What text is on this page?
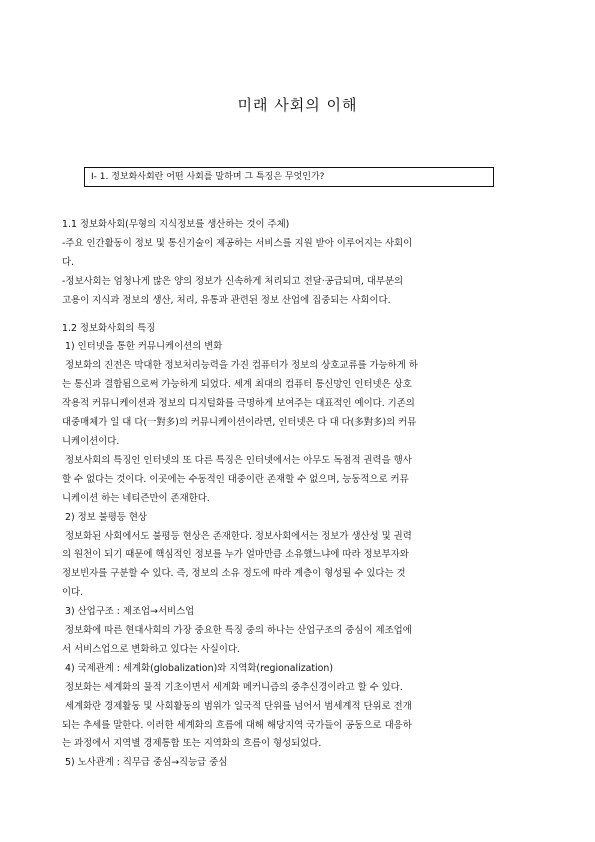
미래 사회의 이해
Ⅰ- 1. 정보화사회란 어떤 사회를 말하며 그 특징은 무엇인가?

1.1 정보화사회(무형의 지식정보를 생산하는 것이 주체)

-주요 인간활동이 정보 및 통신기술이 제공하는 서비스를 지원 받아 이루어지는 사회이

다.

-정보사회는 엄청나게 많은 양의 정보가 신속하게 처리되고 전달·공급되며, 대부분의

고용이 지식과 정보의 생산, 처리, 유통과 관련된 정보 산업에 집중되는 사회이다.

1.2 정보화사회의 특징

1) 인터넷을 통한 커뮤니케이션의 변화

정보화의 진전은 막대한 정보처리능력을 가진 컴퓨터가 정보의 상호교류를 가능하게 하

는 통신과 결합됨으로써 가능하게 되었다. 세계 최대의 컴퓨터 통신망인 인터넷은 상호

작용적 커뮤니케이션과 정보의 디지털화를 극명하게 보여주는 대표적인 예이다. 기존의

대중매체가 일 대 다(一對多)의 커뮤니케이션이라면, 인터넷은 다 대 다(多對多)의 커뮤

니케이션이다.

정보사회의 특징인 인터넷의 또 다른 특징은 인터넷에서는 아무도 독점적 권력을 행사

할 수 없다는 것이다. 이곳에는 수동적인 대중이란 존재할 수 없으며, 능동적으로 커뮤

니케이션 하는 네티즌만이 존재한다.

2) 정보 불평등 현상

정보화된 사회에서도 불평등 현상은 존재한다. 정보사회에서는 정보가 생산성 및 권력

의 원천이 되기 때문에 핵심적인 정보를 누가 얼마만큼 소유했느냐에 따라 정보부자와

정보빈자를 구분할 수 있다. 즉, 정보의 소유 정도에 따라 계층이 형성될 수 있다는 것

이다.

3) 산업구조 : 제조업→서비스업

정보화에 따른 현대사회의 가장 중요한 특징 중의 하나는 산업구조의 중심이 제조업에

서 서비스업으로 변화하고 있다는 사실이다.

4) 국제관계 : 세계화(globalization)와 지역화(regionalization)

정보화는 세계화의 물적 기초이면서 세계화 메커니즘의 중추신경이라고 할 수 있다.

세계화란 경제활동 및 사회활동의 범위가 일국적 단위를 넘어서 범세계적 단위로 전개

되는 추세를 말한다. 이러한 세계화의 흐름에 대해 해당지역 국가들이 공동으로 대응하

는 과정에서 지역별 경제통합 또는 지역화의 흐름이 형성되었다.

5) 노사관계 : 직무급 중심→직능급 중심
